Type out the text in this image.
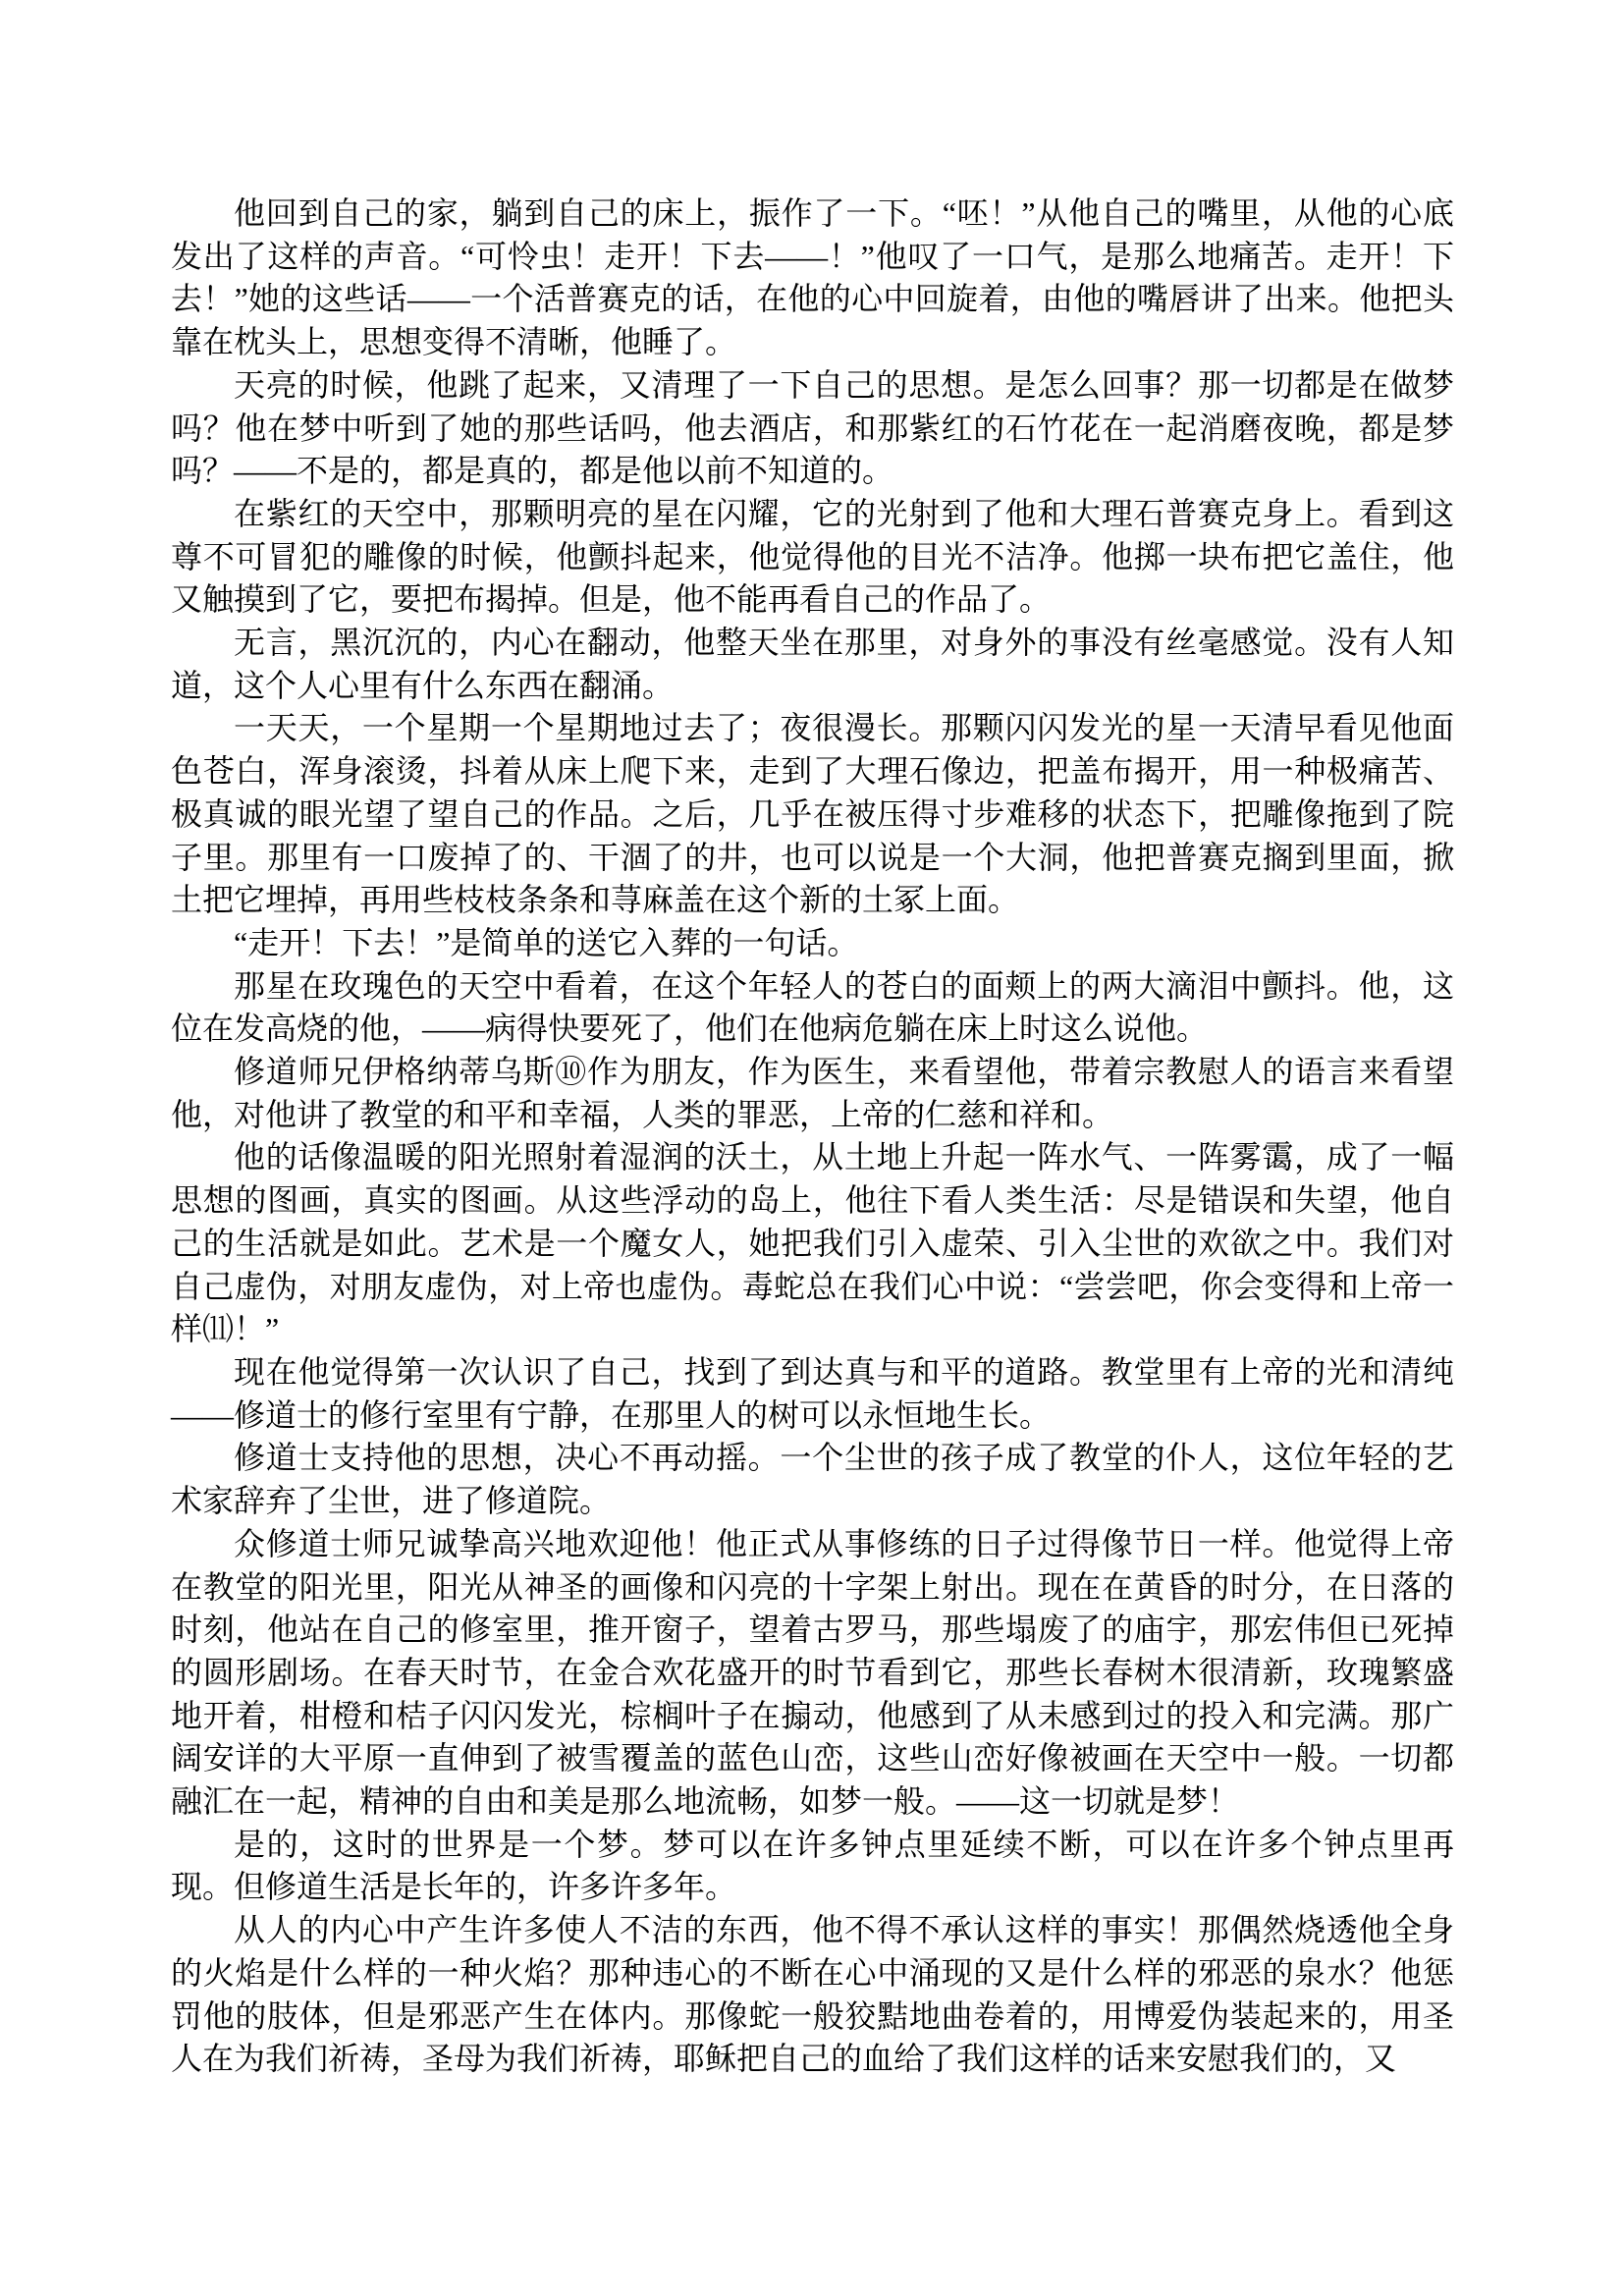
他回到自己的家，躺到自己的床上，振作了一下。“呸！”从他自己的嘴里，从他的心底发出了这样的声音。“可怜虫！走开！下去——！”他叹了一口气，是那么地痛苦。走开！下去！”她的这些话——一个活普赛克的话，在他的心中回旋着，由他的嘴唇讲了出来。他把头靠在枕头上，思想变得不清晰，他睡了。

天亮的时候，他跳了起来，又清理了一下自己的思想。是怎么回事？那一切都是在做梦吗？他在梦中听到了她的那些话吗，他去酒店，和那紫红的石竹花在一起消磨夜晚，都是梦吗？——不是的，都是真的，都是他以前不知道的。

在紫红的天空中，那颗明亮的星在闪耀，它的光射到了他和大理石普赛克身上。看到这尊不可冒犯的雕像的时候，他颤抖起来，他觉得他的目光不洁净。他掷一块布把它盖住，他又触摸到了它，要把布揭掉。但是，他不能再看自己的作品了。

无言，黑沉沉的，内心在翻动，他整天坐在那里，对身外的事没有丝毫感觉。没有人知道，这个人心里有什么东西在翻涌。

一天天，一个星期一个星期地过去了；夜很漫长。那颗闪闪发光的星一天清早看见他面色苍白，浑身滚烫，抖着从床上爬下来，走到了大理石像边，把盖布揭开，用一种极痛苦、极真诚的眼光望了望自己的作品。之后，几乎在被压得寸步难移的状态下，把雕像拖到了院子里。那里有一口废掉了的、干涸了的井，也可以说是一个大洞，他把普赛克搁到里面，掀土把它埋掉，再用些枝枝条条和荨麻盖在这个新的土冢上面。

“走开！下去！”是简单的送它入葬的一句话。

那星在玫瑰色的天空中看着，在这个年轻人的苍白的面颊上的两大滴泪中颤抖。他，这位在发高烧的他，——病得快要死了，他们在他病危躺在床上时这么说他。

修道师兄伊格纳蒂乌斯⑩作为朋友，作为医生，来看望他，带着宗教慰人的语言来看望他，对他讲了教堂的和平和幸福，人类的罪恶，上帝的仁慈和祥和。

他的话像温暖的阳光照射着湿润的沃土，从土地上升起一阵水气、一阵雾霭，成了一幅思想的图画，真实的图画。从这些浮动的岛上，他往下看人类生活：尽是错误和失望，他自己的生活就是如此。艺术是一个魔女人，她把我们引入虚荣、引入尘世的欢欲之中。我们对自己虚伪，对朋友虚伪，对上帝也虚伪。毒蛇总在我们心中说：“尝尝吧，你会变得和上帝一样⑾！”

现在他觉得第一次认识了自己，找到了到达真与和平的道路。教堂里有上帝的光和清纯——修道士的修行室里有宁静，在那里人的树可以永恒地生长。

修道士支持他的思想，决心不再动摇。一个尘世的孩子成了教堂的仆人，这位年轻的艺术家辞弃了尘世，进了修道院。

众修道士师兄诚挚高兴地欢迎他！他正式从事修练的日子过得像节日一样。他觉得上帝在教堂的阳光里，阳光从神圣的画像和闪亮的十字架上射出。现在在黄昏的时分，在日落的时刻，他站在自己的修室里，推开窗子，望着古罗马，那些塌废了的庙宇，那宏伟但已死掉的圆形剧场。在春天时节，在金合欢花盛开的时节看到它，那些长春树木很清新，玫瑰繁盛地开着，柑橙和桔子闪闪发光，棕榈叶子在搧动，他感到了从未感到过的投入和完满。那广阔安详的大平原一直伸到了被雪覆盖的蓝色山峦，这些山峦好像被画在天空中一般。一切都融汇在一起，精神的自由和美是那么地流畅，如梦一般。——这一切就是梦！

是的，这时的世界是一个梦。梦可以在许多钟点里延续不断，可以在许多个钟点里再现。但修道生活是长年的，许多许多年。

从人的内心中产生许多使人不洁的东西，他不得不承认这样的事实！那偶然烧透他全身的火焰是什么样的一种火焰？那种违心的不断在心中涌现的又是什么样的邪恶的泉水？他惩罚他的肢体，但是邪恶产生在体内。那像蛇一般狡黠地曲卷着的，用博爱伪装起来的，用圣人在为我们祈祷，圣母为我们祈祷，耶稣把自己的血给了我们这样的话来安慰我们的，又
